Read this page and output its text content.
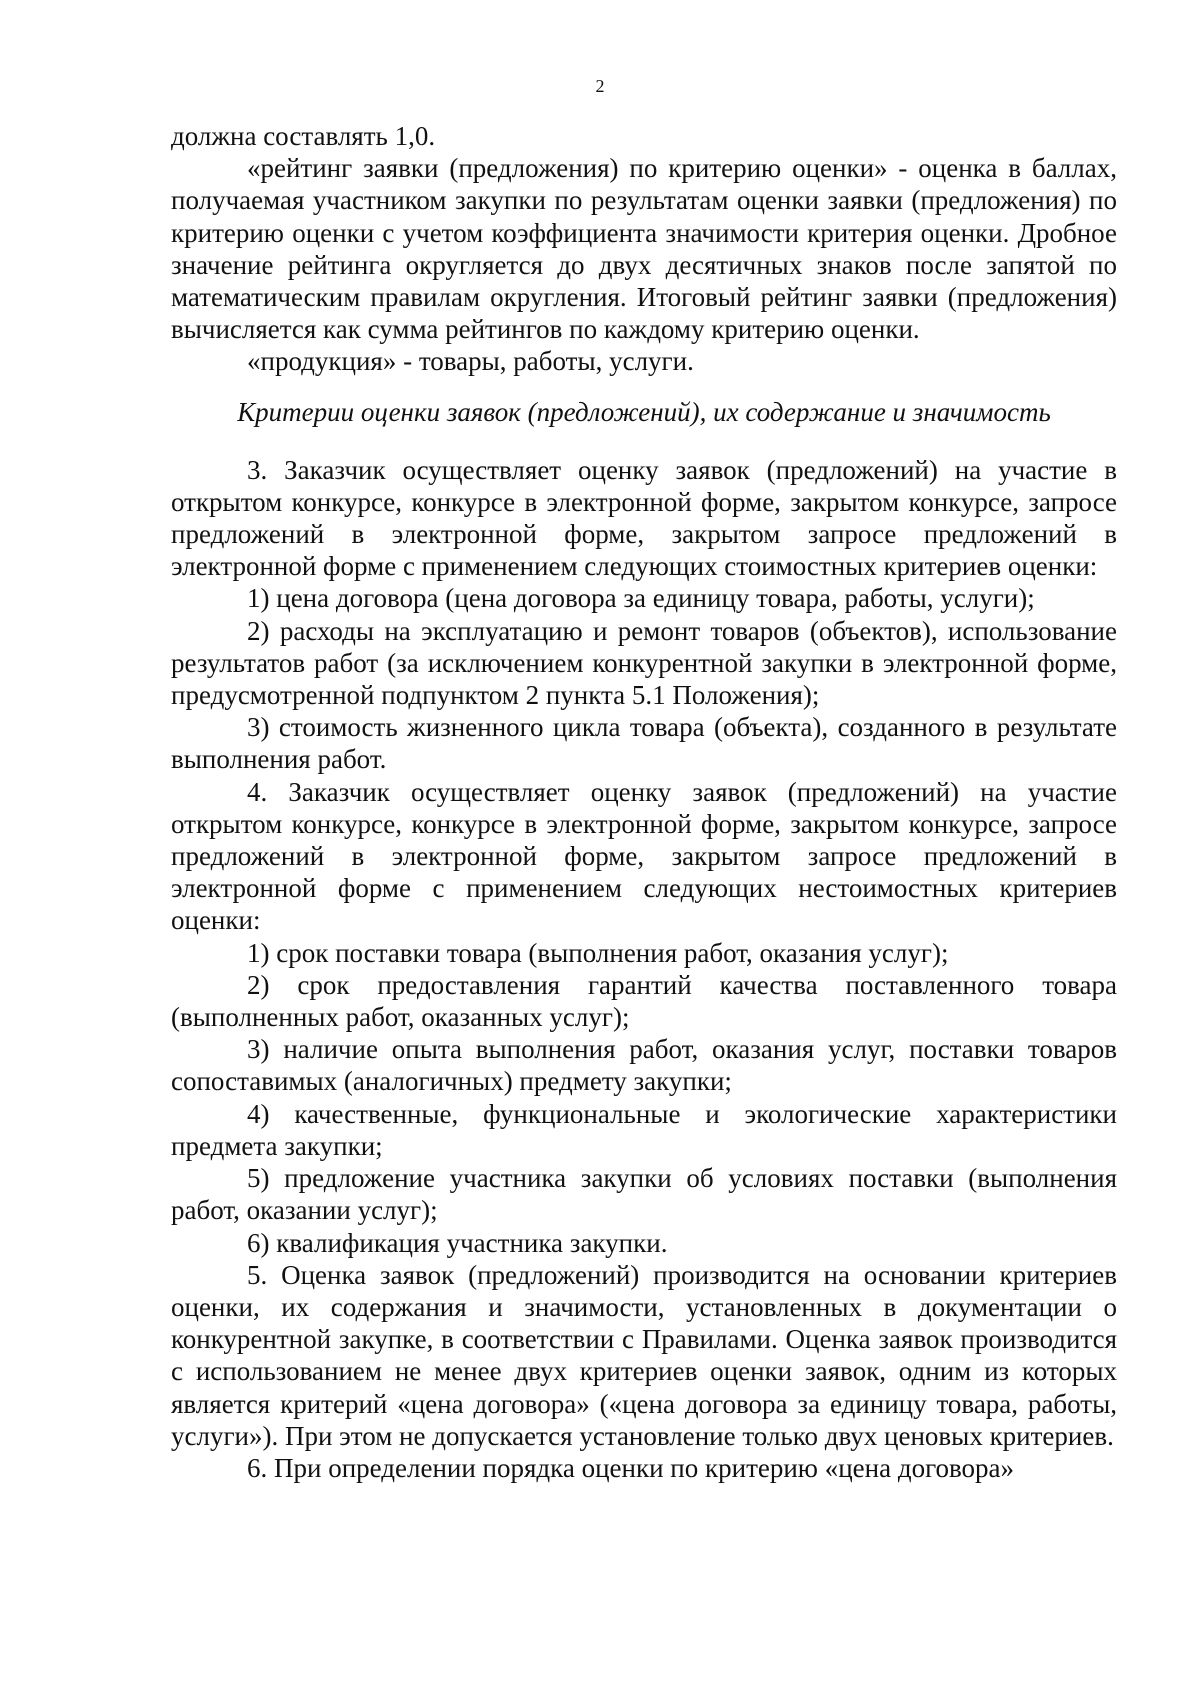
2

должна составлять 1,0.

«рейтинг заявки (предложения) по критерию оценки» - оценка в баллах, получаемая участником закупки по результатам оценки заявки (предложения) по критерию оценки с учетом коэффициента значимости критерия оценки. Дробное значение рейтинга округляется до двух десятичных знаков после запятой по математическим правилам округления. Итоговый рейтинг заявки (предложения) вычисляется как сумма рейтингов по каждому критерию оценки.

«продукция» - товары, работы, услуги.

Критерии оценки заявок (предложений), их содержание и значимость

3. Заказчик осуществляет оценку заявок (предложений) на участие в открытом конкурсе, конкурсе в электронной форме, закрытом конкурсе, запросе предложений в электронной форме, закрытом запросе предложений в электронной форме с применением следующих стоимостных критериев оценки:

1) цена договора (цена договора за единицу товара, работы, услуги);

2) расходы на эксплуатацию и ремонт товаров (объектов), использование результатов работ (за исключением конкурентной закупки в электронной форме, предусмотренной подпунктом 2 пункта 5.1 Положения);

3) стоимость жизненного цикла товара (объекта), созданного в результате выполнения работ.

4. Заказчик осуществляет оценку заявок (предложений) на участие открытом конкурсе, конкурсе в электронной форме, закрытом конкурсе, запросе предложений в электронной форме, закрытом запросе предложений в электронной форме с применением следующих нестоимостных критериев оценки:

1) срок поставки товара (выполнения работ, оказания услуг);

2) срок предоставления гарантий качества поставленного товара (выполненных работ, оказанных услуг);

3) наличие опыта выполнения работ, оказания услуг, поставки товаров сопоставимых (аналогичных) предмету закупки;

4) качественные, функциональные и экологические характеристики предмета закупки;

5) предложение участника закупки об условиях поставки (выполнения работ, оказании услуг);

6) квалификация участника закупки.

5. Оценка заявок (предложений) производится на основании критериев оценки, их содержания и значимости, установленных в документации о конкурентной закупке, в соответствии с Правилами. Оценка заявок производится с использованием не менее двух критериев оценки заявок, одним из которых является критерий «цена договора» («цена договора за единицу товара, работы, услуги»). При этом не допускается установление только двух ценовых критериев.

6. При определении порядка оценки по критерию «цена договора»
